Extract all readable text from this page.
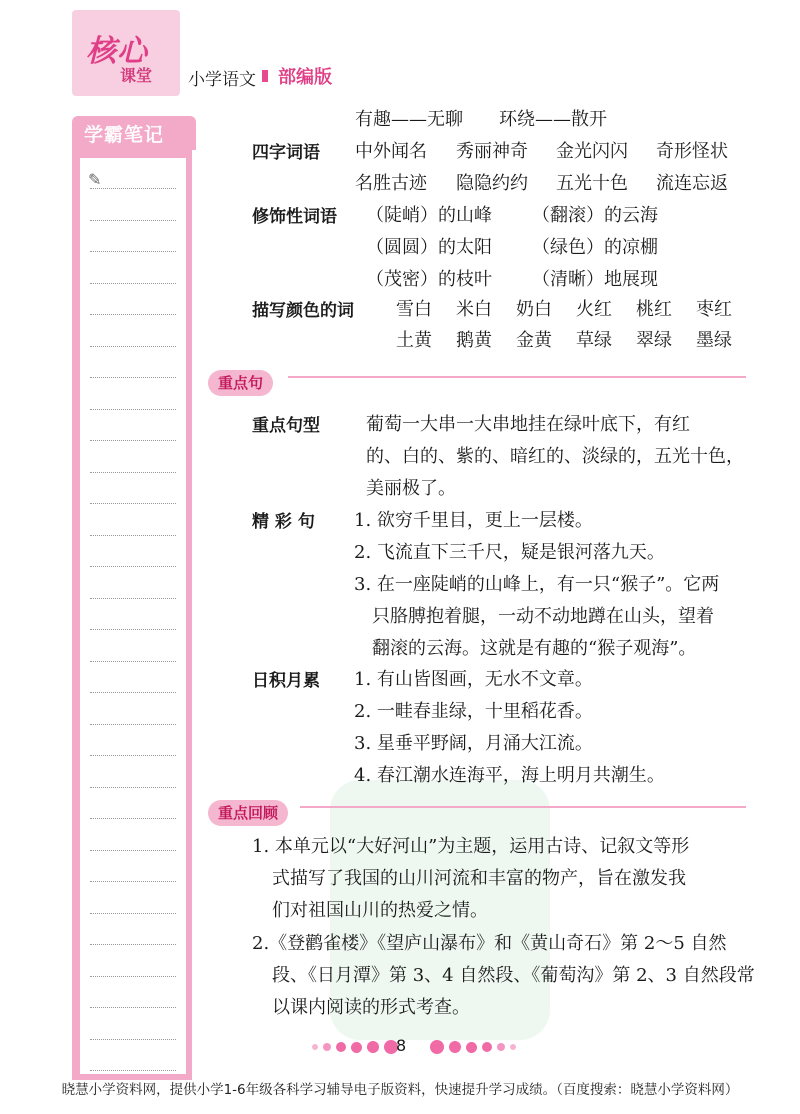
核心
课堂 小学语文 部编版
学霸笔记
✎
有趣——无聊　　环绕——散开
四字词语 中外闻名 秀丽神奇 金光闪闪 奇形怪状
名胜古迹 隐隐约约 五光十色 流连忘返
修饰性词语 （陡峭）的山峰 （翻滚）的云海
（圆圆）的太阳 （绿色）的凉棚
（茂密）的枝叶 （清晰）地展现
描写颜色的词 雪白 米白 奶白 火红 桃红 枣红
土黄 鹅黄 金黄 草绿 翠绿 墨绿
重点句
重点句型	葡萄一大串一大串地挂在绿叶底下，有红
的、白的、紫的、暗红的、淡绿的，五光十色，
美丽极了。
精 彩 句 1. 欲穷千里目，更上一层楼。
2. 飞流直下三千尺，疑是银河落九天。
3. 在一座陡峭的山峰上，有一只“猴子”。它两
只胳膊抱着腿，一动不动地蹲在山头，望着
翻滚的云海。这就是有趣的“猴子观海”。
日积月累 1. 有山皆图画，无水不文章。
2. 一畦春韭绿，十里稻花香。
3. 星垂平野阔，月涌大江流。
4. 春江潮水连海平，海上明月共潮生。
重点回顾
1. 本单元以“大好河山”为主题，运用古诗、记叙文等形
式描写了我国的山川河流和丰富的物产，旨在激发我
们对祖国山川的热爱之情。
2.《登鹳雀楼》《望庐山瀑布》和《黄山奇石》第 2～5 自然
段、《日月潭》第 3、4 自然段、《葡萄沟》第 2、3 自然段常
以课内阅读的形式考查。
8
晓慧小学资料网，提供小学1-6年级各科学习辅导电子版资料，快速提升学习成绩。（百度搜索：晓慧小学资料网）
